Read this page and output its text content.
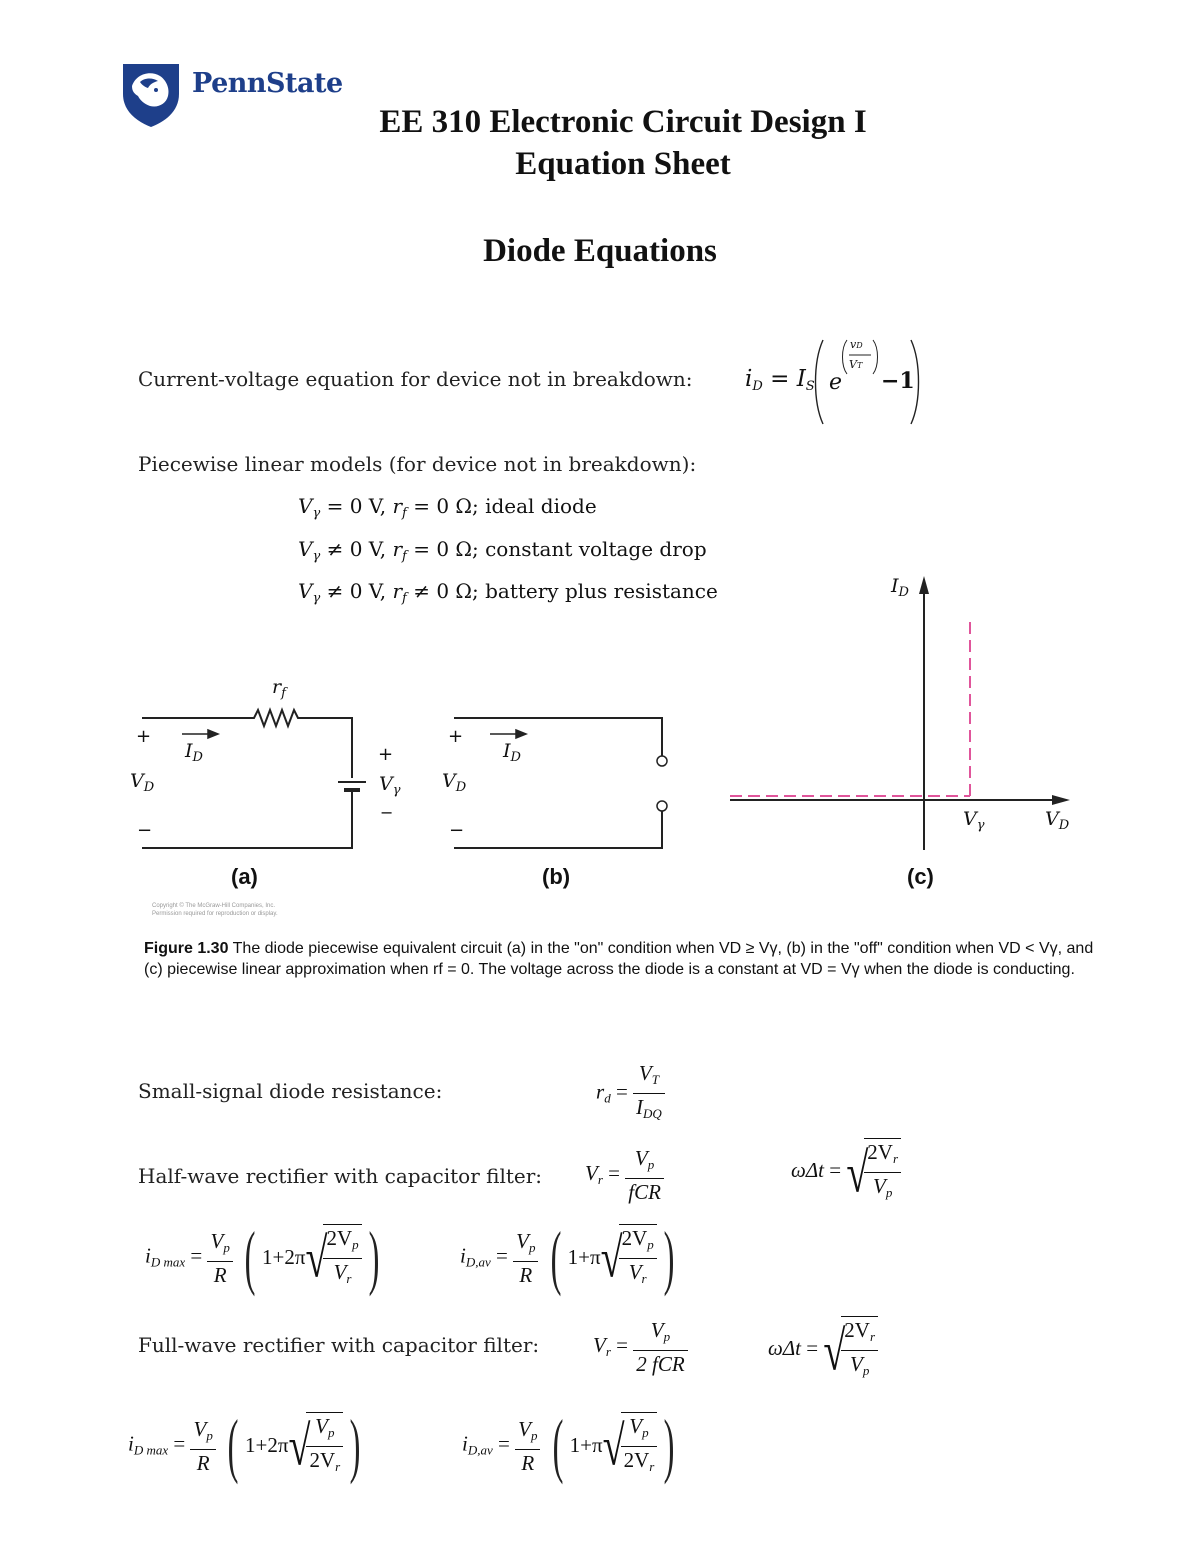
PennState
EE 310 Electronic Circuit Design I
Equation Sheet
Diode Equations
Current-voltage equation for device not in breakdown: $i_D = I_S$ e
vD
VT
−1
Piecewise linear models (for device not in breakdown):
$V_\gamma = 0$ V, $r_f = 0$ Ω; ideal diode
$V_\gamma \ne 0$ V, $r_f = 0$ Ω; constant voltage drop
$V_\gamma \ne 0$ V, $r_f \ne 0$ Ω; battery plus resistance
$r_f$
+
−
$I_D$
$V_D$
+
$V_\gamma$
−
(a)
Copyright © The McGraw-Hill Companies, Inc.
Permission required for reproduction or display.
+
−
$I_D$
$V_D$
(b)
$I_D$
$V_\gamma$	$V_D$
(c)
Figure 1.30 The diode piecewise equivalent circuit (a) in the "on" condition when VD ≥ Vγ, (b) in the "off" condition when VD < Vγ, and (c) piecewise linear approximation when rf = 0. The voltage across the diode is a constant at VD = Vγ when the diode is conducting.
Small-signal diode resistance:	$r_d = \frac{V_T}{I_{DQ}}$
Half-wave rectifier with capacitor filter: $V_r = \frac{V_p}{\text{fCR}}$	ωΔt = √
$\frac{2V_r}{V_p}$
$i_{D max} = \frac{V_p}{R}$ ( 1+2π√
$\frac{2V_p}{V_r}$ )	$i_{D,av} = \frac{V_p}{R}$ ( 1+π√
$\frac{2V_p}{V_r}$ )
Full-wave rectifier with capacitor filter:	$V_r = \frac{V_p}{\text{2 fCR}}$	ωΔt = √
$\frac{2V_r}{V_p}$
$i_{D max} = \frac{V_p}{R}$ ( 1+2π√
$\frac{V_p}{2V_r}$ )	$i_{D,av} = \frac{V_p}{R}$ ( 1+π√
$\frac{V_p}{2V_r}$ )
